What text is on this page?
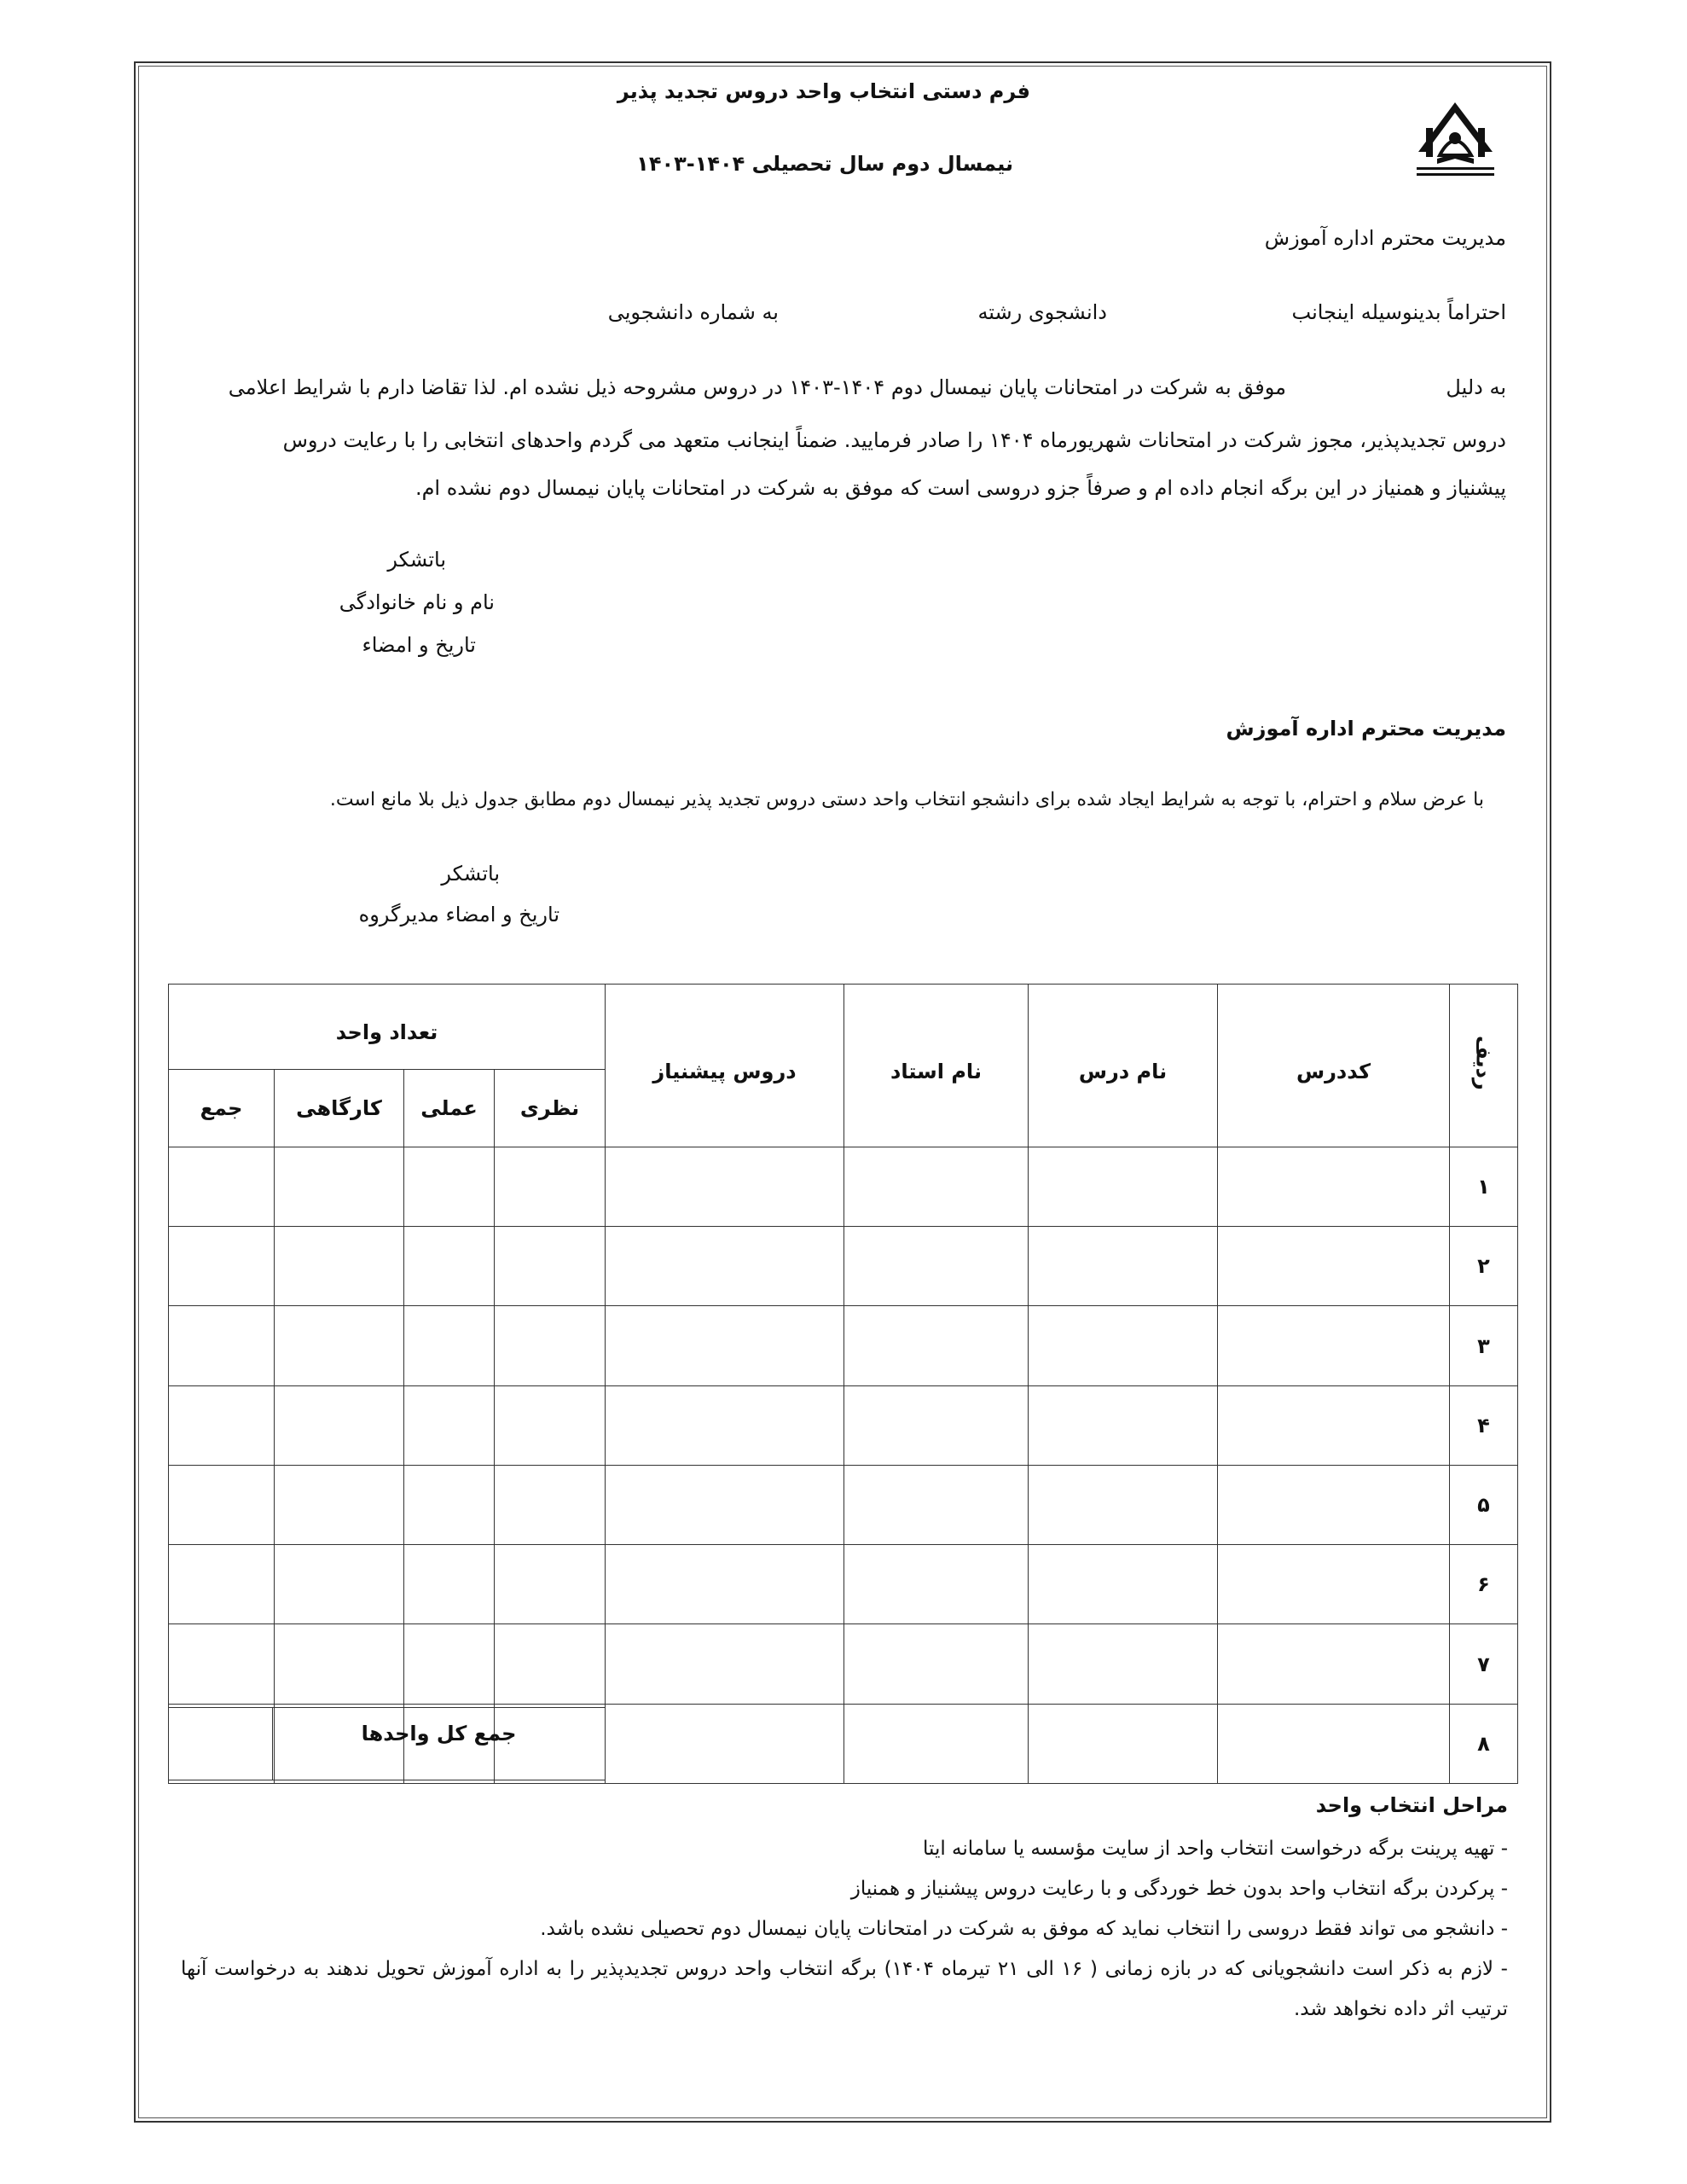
فرم دستی انتخاب واحد دروس تجدید پذیر
نیمسال دوم سال تحصیلی ۱۴۰۴-۱۴۰۳
مدیریت محترم اداره آموزش
احتراماً بدینوسیله اینجانب
دانشجوی رشته
به شماره دانشجویی
به دلیل
موفق به شرکت در امتحانات پایان نیمسال دوم ۱۴۰۴-۱۴۰۳ در دروس مشروحه ذیل نشده ام. لذا تقاضا دارم با شرایط اعلامی
دروس تجدیدپذیر، مجوز شرکت در امتحانات شهریورماه ۱۴۰۴ را صادر فرمایید. ضمناً اینجانب متعهد می گردم واحدهای انتخابی را با رعایت دروس
پیشنیاز و همنیاز در این برگه انجام داده ام و صرفاً جزو دروسی است که موفق به شرکت در امتحانات پایان نیمسال دوم نشده ام.
باتشکر
نام و نام خانوادگی
تاریخ و امضاء
مدیریت محترم اداره آموزش
با عرض سلام و احترام، با توجه به شرایط ایجاد شده برای دانشجو انتخاب واحد دستی دروس تجدید پذیر نیمسال دوم مطابق جدول ذیل بلا مانع است.
باتشکر
تاریخ و امضاء مدیرگروه
ردیف	کددرس	نام درس	نام استاد	دروس پیشنیاز	تعداد واحد			

					نظری	عملی	کارگاهی	جمع
۱								
۲								
۳								
۴								
۵								
۶								
۷								
۸								
جمع کل واحدها	
مراحل انتخاب واحد
- تهیه پرینت برگه درخواست انتخاب واحد از سایت مؤسسه یا سامانه ایتا
- پرکردن برگه انتخاب واحد بدون خط خوردگی و با رعایت دروس پیشنیاز و همنیاز
- دانشجو می تواند فقط دروسی را انتخاب نماید که موفق به شرکت در امتحانات پایان نیمسال دوم تحصیلی نشده باشد.
- لازم به ذکر است دانشجویانی که در بازه زمانی ( ۱۶ الی ۲۱ تیرماه ۱۴۰۴) برگه انتخاب واحد دروس تجدیدپذیر را به اداره آموزش تحویل ندهند به درخواست آنها ترتیب اثر داده نخواهد شد.
